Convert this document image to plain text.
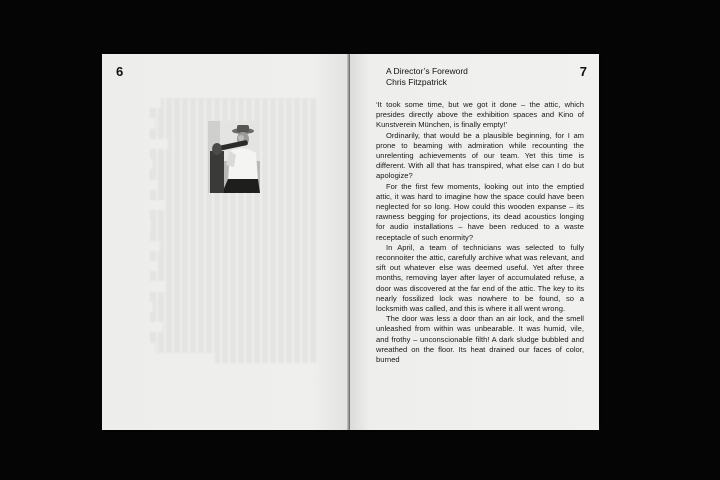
6	A Director’s Foreword
Chris Fitzpatrick
7

‘It took some time, but we got it done – the attic, which presides directly above the exhibition spaces and Kino of Kunstverein München, is finally empty!’

Ordinarily, that would be a plausible beginning, for I am prone to beaming with admiration while recounting the unrelenting achievements of our team. Yet this time is different. With all that has transpired, what else can I do but apologize?

For the first few moments, looking out into the emptied attic, it was hard to imagine how the space could have been neglected for so long. How could this wooden expanse – its rawness begging for projections, its dead acoustics longing for audio installations – have been reduced to a waste receptacle of such enormity?

In April, a team of technicians was selected to fully reconnoiter the attic, carefully archive what was relevant, and sift out whatever else was deemed useful. Yet after three months, removing layer after layer of accumulated refuse, a door was discovered at the far end of the attic. The key to its nearly fossilized lock was nowhere to be found, so a locksmith was called, and this is where it all went wrong.

The door was less a door than an air lock, and the smell unleashed from within was unbearable. It was humid, vile, and frothy – unconscionable filth! A dark sludge bubbled and wreathed on the floor. Its heat drained our faces of color, burned
